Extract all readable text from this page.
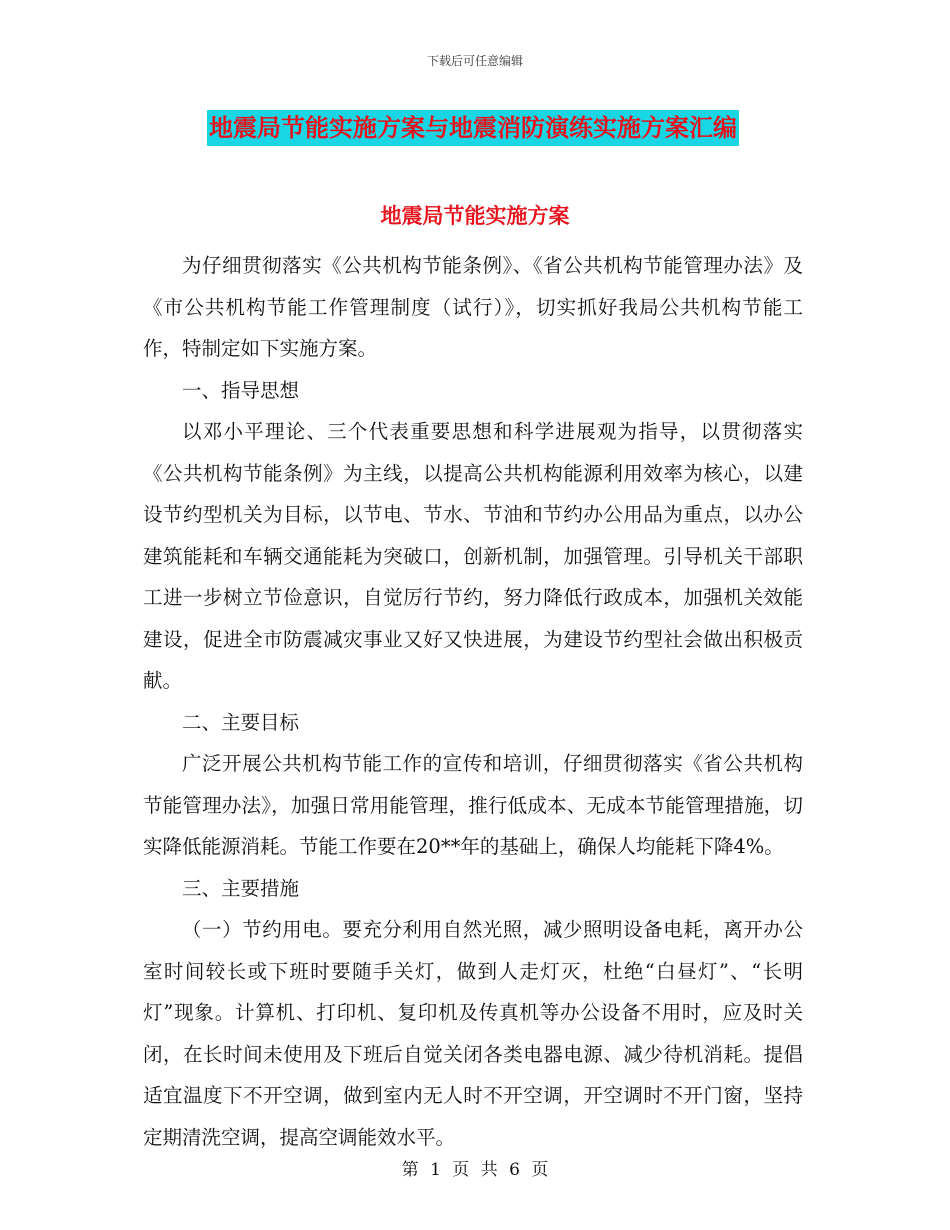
下载后可任意编辑
地震局节能实施方案与地震消防演练实施方案汇编
地震局节能实施方案

为仔细贯彻落实《公共机构节能条例》、《省公共机构节能管理办法》及《市公共机构节能工作管理制度（试行）》，切实抓好我局公共机构节能工作，特制定如下实施方案。

一、指导思想

以邓小平理论、三个代表重要思想和科学进展观为指导，以贯彻落实《公共机构节能条例》为主线，以提高公共机构能源利用效率为核心，以建设节约型机关为目标，以节电、节水、节油和节约办公用品为重点，以办公建筑能耗和车辆交通能耗为突破口，创新机制，加强管理。引导机关干部职工进一步树立节俭意识，自觉厉行节约，努力降低行政成本，加强机关效能建设，促进全市防震减灾事业又好又快进展，为建设节约型社会做出积极贡献。

二、主要目标

广泛开展公共机构节能工作的宣传和培训，仔细贯彻落实《省公共机构节能管理办法》，加强日常用能管理，推行低成本、无成本节能管理措施，切实降低能源消耗。节能工作要在20**年的基础上，确保人均能耗下降4%。

三、主要措施

（一）节约用电。要充分利用自然光照，减少照明设备电耗，离开办公室时间较长或下班时要随手关灯，做到人走灯灭，杜绝“白昼灯”、“长明灯”现象。计算机、打印机、复印机及传真机等办公设备不用时，应及时关闭，在长时间未使用及下班后自觉关闭各类电器电源、减少待机消耗。提倡适宜温度下不开空调，做到室内无人时不开空调，开空调时不开门窗，坚持定期清洗空调，提高空调能效水平。

第 1 页 共 6 页
